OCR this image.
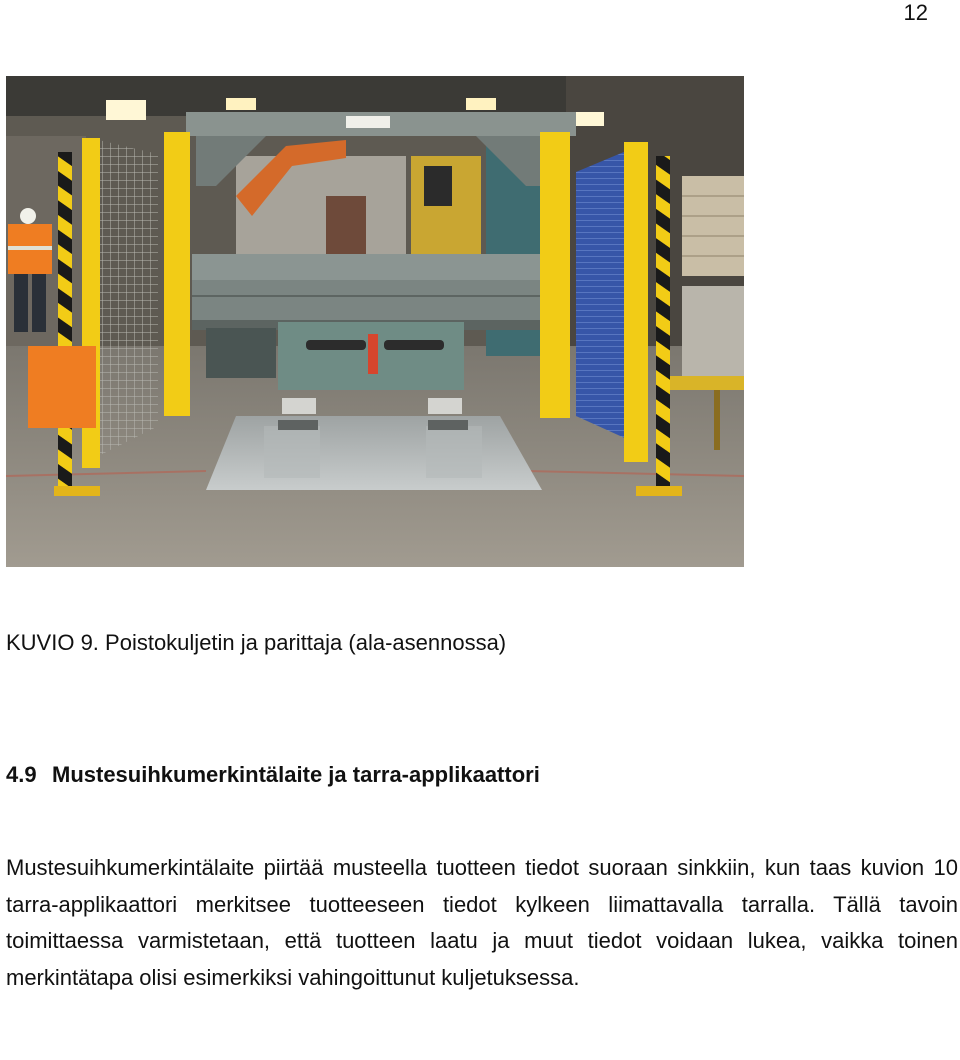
12
KUVIO 9. Poistokuljetin ja parittaja (ala-asennossa)
4.9 Mustesuihkumerkintälaite ja tarra-applikaattori

Mustesuihkumerkintälaite piirtää musteella tuotteen tiedot suoraan sinkkiin, kun taas kuvion 10 tarra-applikaattori merkitsee tuotteeseen tiedot kylkeen liimattavalla tarralla. Tällä tavoin toimittaessa varmistetaan, että tuotteen laatu ja muut tiedot voidaan lukea, vaikka toinen merkintätapa olisi esimerkiksi vahingoittunut kuljetuksessa.
